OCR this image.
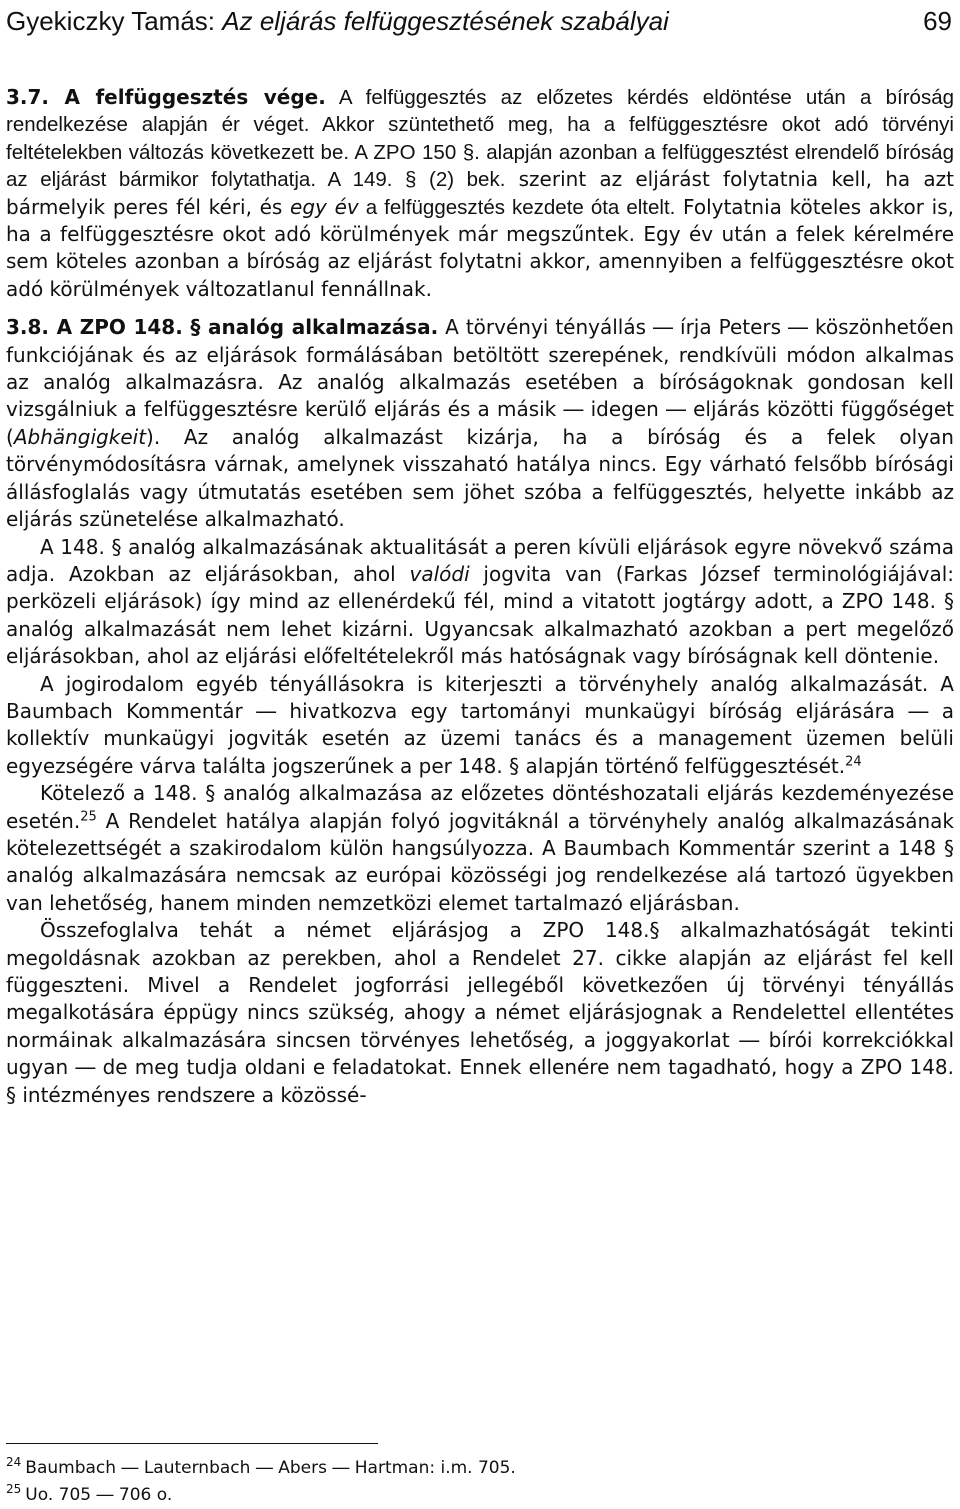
Gyekiczky Tamás: Az eljárás felfüggesztésének szabályai	69

3.7. A felfüggesztés vége. A felfüggesztés az előzetes kérdés eldöntése után a bíróság rendelkezése alapján ér véget. Akkor szüntethető meg, ha a felfüggesztésre okot adó törvényi feltételekben változás következett be. A ZPO 150 §. alapján azonban a felfüggesztést elrendelő bíróság az eljárást bármikor folytathatja. A 149. § (2) bek. szerint az eljárást folytatnia kell, ha azt bármelyik peres fél kéri, és egy év a felfüggesztés kezdete óta eltelt. Folytatnia köteles akkor is, ha a felfüggesztésre okot adó körülmények már megszűntek. Egy év után a felek kérelmére sem köteles azonban a bíróság az eljárást folytatni akkor, amennyiben a felfüggesztésre okot adó körülmények változatlanul fennállnak.

3.8. A ZPO 148. § analóg alkalmazása. A törvényi tényállás ― írja Peters ― köszönhetően funkciójának és az eljárások formálásában betöltött szerepének, rendkívüli módon alkalmas az analóg alkalmazásra. Az analóg alkalmazás esetében a bíróságoknak gondosan kell vizsgálniuk a felfüggesztésre kerülő eljárás és a másik ― idegen ― eljárás közötti függőséget (Abhängigkeit). Az analóg alkalmazást kizárja, ha a bíróság és a felek olyan törvénymódosításra várnak, amelynek visszaható hatálya nincs. Egy várható felsőbb bírósági állásfoglalás vagy útmutatás esetében sem jöhet szóba a felfüggesztés, helyette inkább az eljárás szünetelése alkalmazható.

A 148. § analóg alkalmazásának aktualitását a peren kívüli eljárások egyre növekvő száma adja. Azokban az eljárásokban, ahol valódi jogvita van (Farkas József terminológiájával: perközeli eljárások) így mind az ellenérdekű fél, mind a vitatott jogtárgy adott, a ZPO 148. § analóg alkalmazását nem lehet kizárni. Ugyancsak alkalmazható azokban a pert megelőző eljárásokban, ahol az eljárási előfeltételekről más hatóságnak vagy bíróságnak kell döntenie.

A jogirodalom egyéb tényállásokra is kiterjeszti a törvényhely analóg alkalmazását. A Baumbach Kommentár ― hivatkozva egy tartományi munkaügyi bíróság eljárására ― a kollektív munkaügyi jogviták esetén az üzemi tanács és a management üzemen belüli egyezségére várva találta jogszerűnek a per 148. § alapján történő felfüggesztését.$^{24}$

Kötelező a 148. § analóg alkalmazása az előzetes döntéshozatali eljárás kezdeményezése esetén.$^{25}$ A Rendelet hatálya alapján folyó jogvitáknál a törvényhely analóg alkalmazásának kötelezettségét a szakirodalom külön hangsúlyozza. A Baumbach Kommentár szerint a 148 § analóg alkalmazására nemcsak az európai közösségi jog rendelkezése alá tartozó ügyekben van lehetőség, hanem minden nemzetközi elemet tartalmazó eljárásban.

Összefoglalva tehát a német eljárásjog a ZPO 148.§ alkalmazhatóságát tekinti megoldásnak azokban az perekben, ahol a Rendelet 27. cikke alapján az eljárást fel kell függeszteni. Mivel a Rendelet jogforrási jellegéből következően új törvényi tényállás megalkotására éppügy nincs szükség, ahogy a német eljárásjognak a Rendelettel ellentétes normáinak alkalmazására sincsen törvényes lehetőség, a joggyakorlat ― bírói korrekciókkal ugyan ― de meg tudja oldani e feladatokat. Ennek ellenére nem tagadható, hogy a ZPO 148. § intézményes rendszere a közössé-

$^{24}$ Baumbach ― Lauternbach ― Abers ― Hartman: i.m. 705.
$^{25}$ Uo. 705 ― 706 o.
